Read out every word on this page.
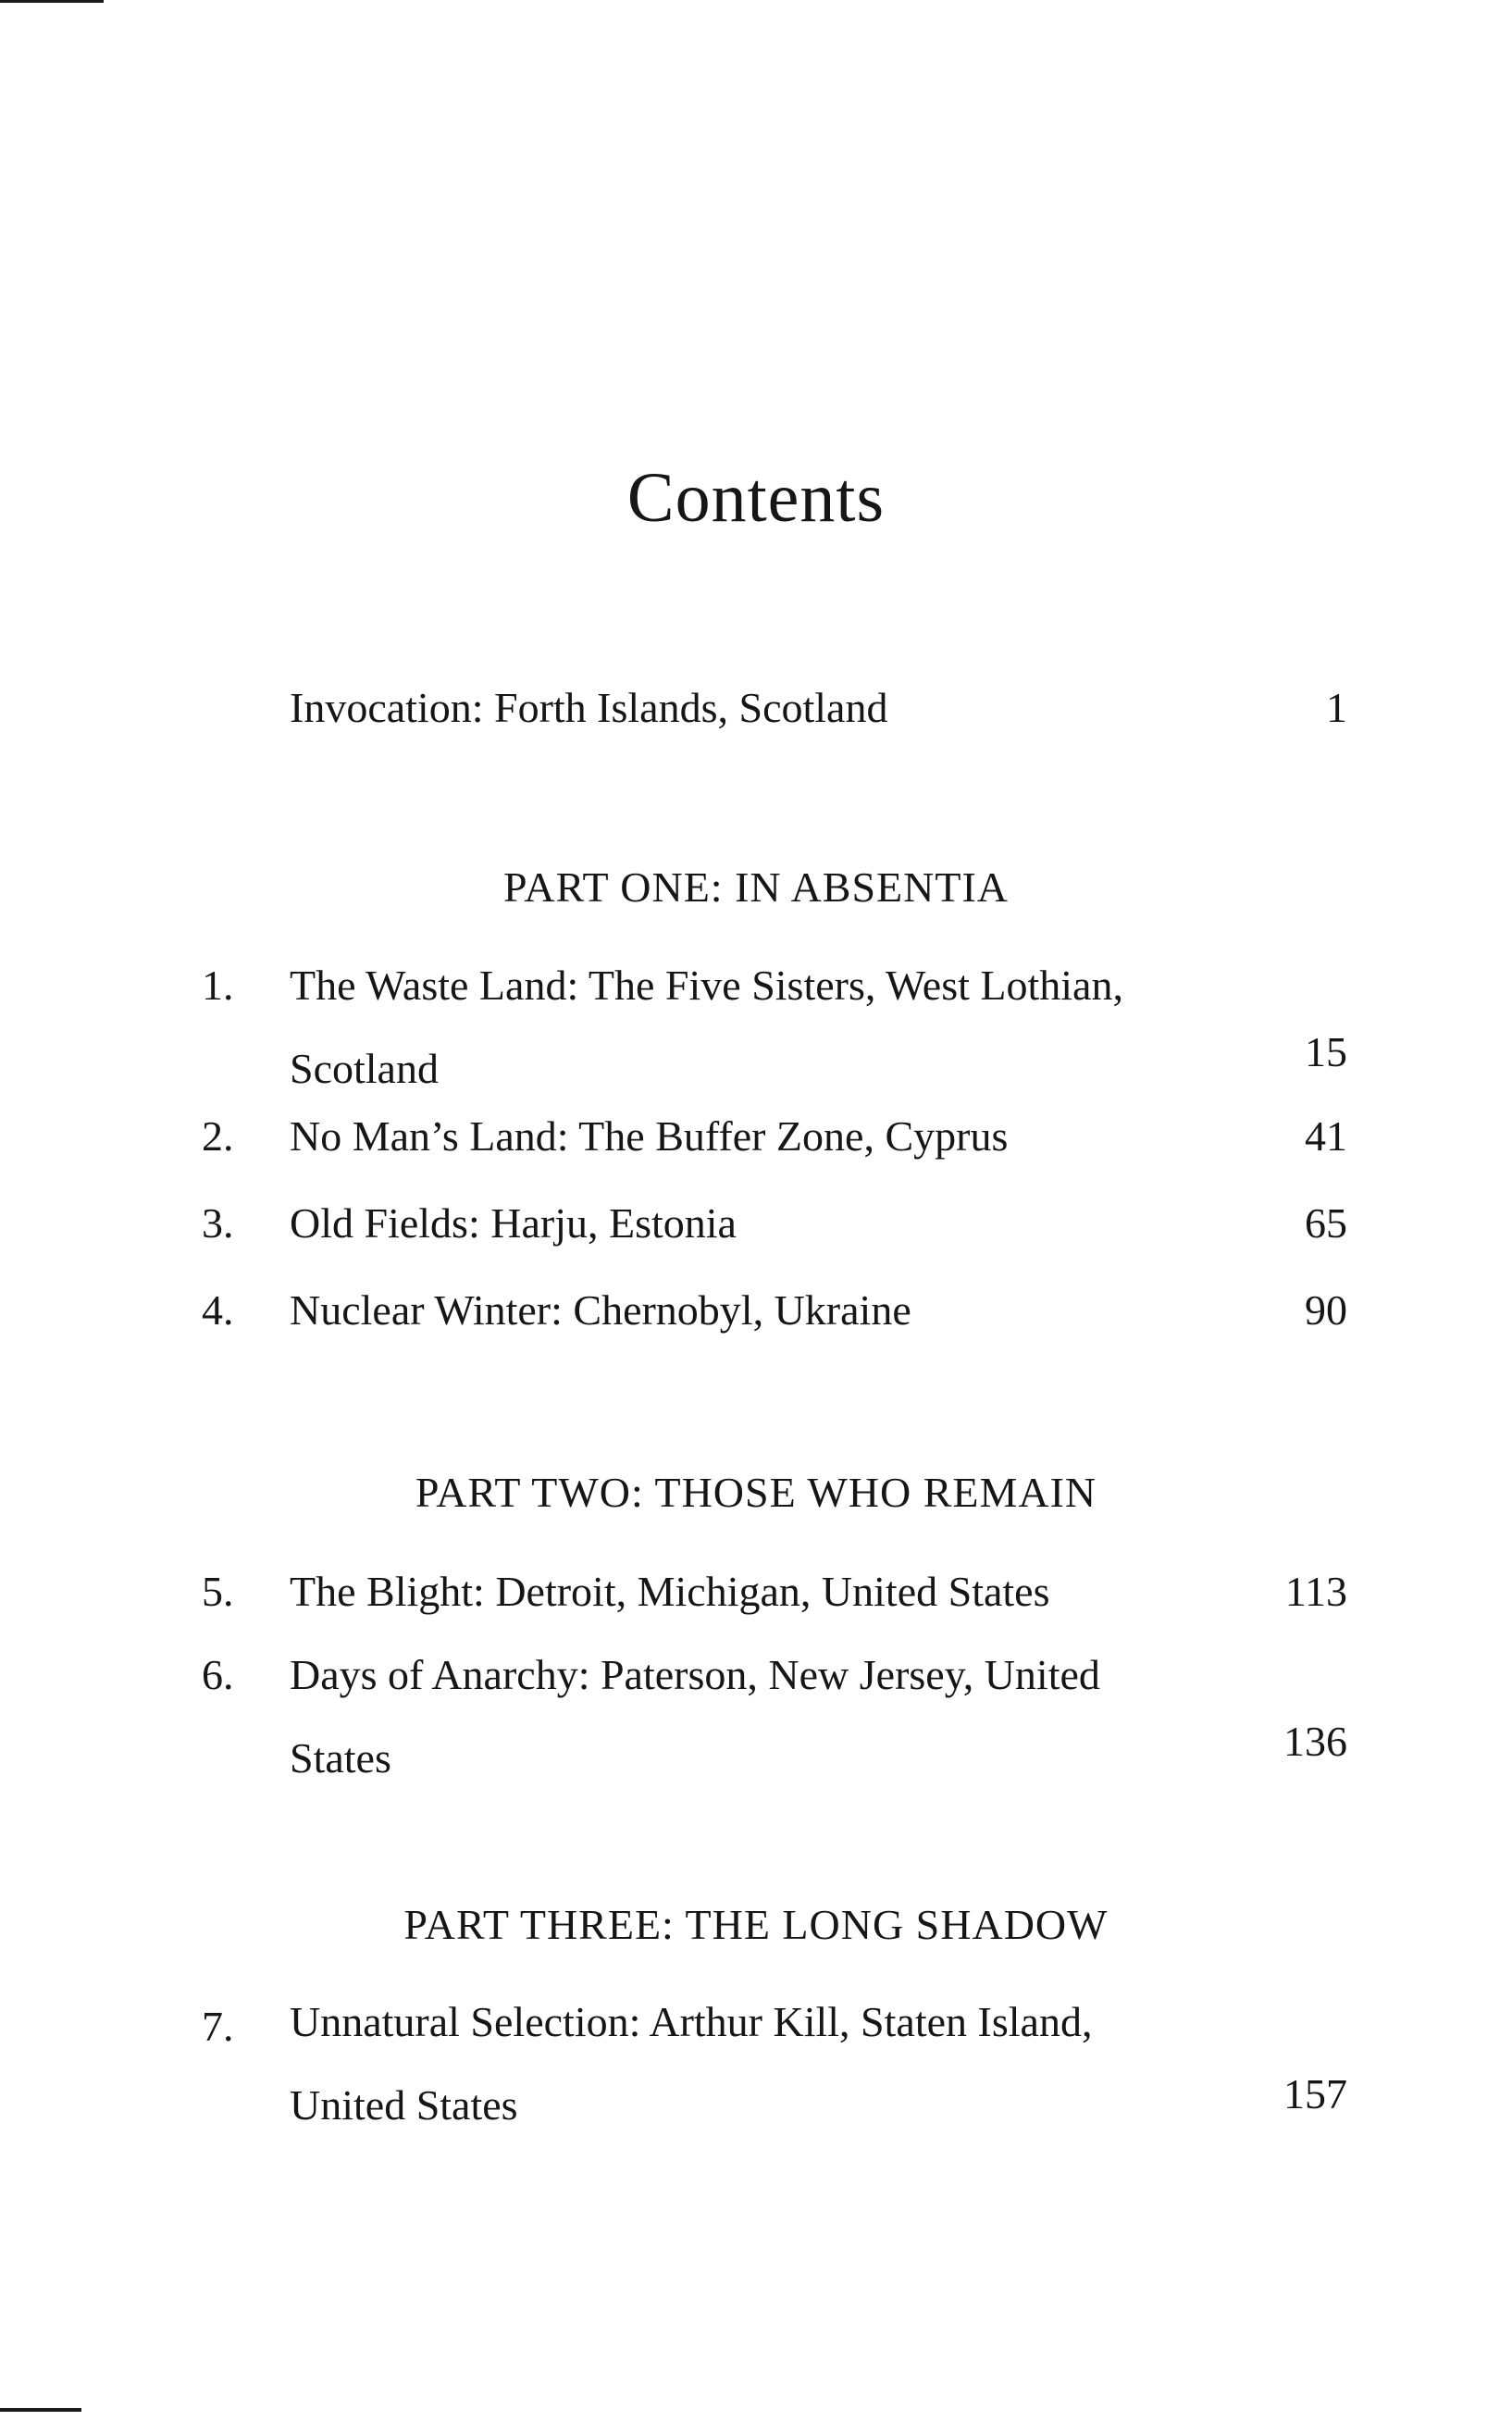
Contents
Invocation: Forth Islands, Scotland	1
PART ONE: IN ABSENTIA
1. The Waste Land: The Five Sisters, West Lothian,
Scotland	15
2. No Man’s Land: The Buffer Zone, Cyprus	41
3. Old Fields: Harju, Estonia	65
4. Nuclear Winter: Chernobyl, Ukraine	90
PART TWO: THOSE WHO REMAIN
5. The Blight: Detroit, Michigan, United States	113
6. Days of Anarchy: Paterson, New Jersey, United
States	136
PART THREE: THE LONG SHADOW
7. Unnatural Selection: Arthur Kill, Staten Island,
United States	157
